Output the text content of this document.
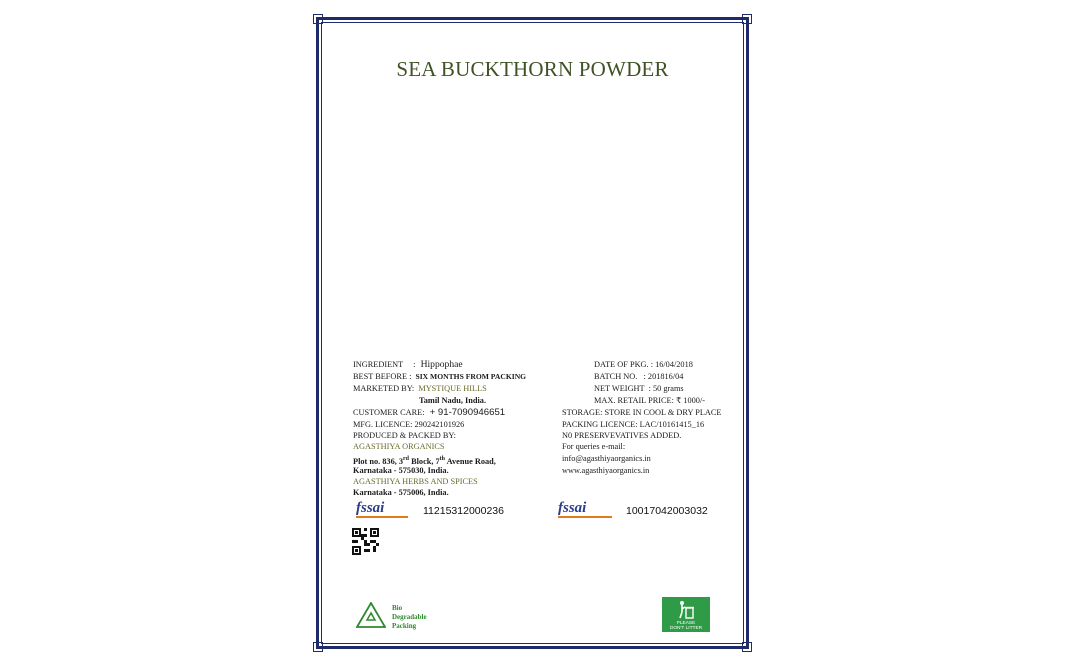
SEA BUCKTHORN POWDER
INGREDIENT : Hippophae
BEST BEFORE : SIX MONTHS FROM PACKING
MARKETED BY: MYSTIQUE HILLS
Tamil Nadu, India.
CUSTOMER CARE: + 91-7090946651
MFG. LICENCE: 290242101926
PRODUCED & PACKED BY:
AGASTHIYA ORGANICS
Plot no. 836, 3rd Block, 7th Avenue Road,
Karnataka - 575030, India.
AGASTHIYA HERBS AND SPICES
Karnataka - 575006, India.
DATE OF PKG. : 16/04/2018
BATCH NO.   : 201816/04
NET WEIGHT  : 50 grams
MAX. RETAIL PRICE: ₹ 1000/-
STORAGE: STORE IN COOL & DRY PLACE
PACKING LICENCE: LAC/10161415_16
N0 PRESERVEVATIVES ADDED.
For queries e-mail:
info@agasthiyaorganics.in
www.agasthiyaorganics.in
fssai	11215312000236	fssai	10017042003032
Bio
Degradable
Packing	PLEASE
DON'T LITTER
